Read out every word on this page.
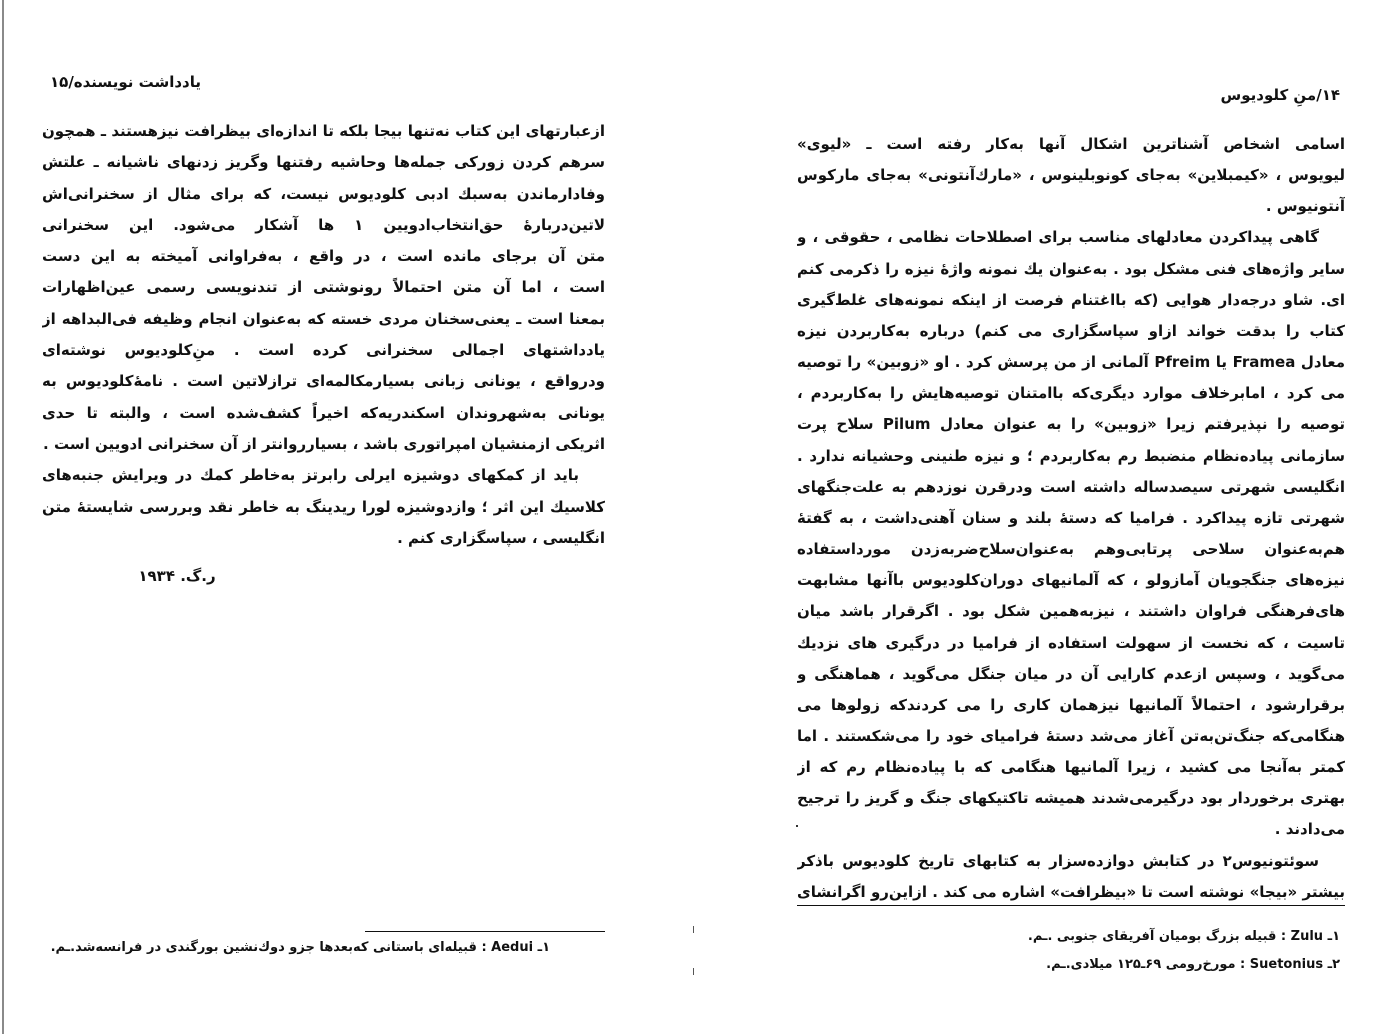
یادداشت نویسنده/۱۵
ازعبارتهای این کتاب نه‌تنها بیجا بلکه تا اندازه‌ای بیظرافت نیزهستند ـ همچون
سرهم کردن زورکی جمله‌ها وحاشیه رفتنها وگریز زدنهای ناشیانه ـ علتش
وفادارماندن به‌سبك ادبی کلودیوس نیست، که برای مثال از سخنرانی‌اش
لاتین‌دربارهٔ حق‌انتخاب‌ادویین ۱ ها آشکار می‌شود. این سخنرانی
متن آن برجای مانده است ، در واقع ، به‌فراوانی آمیخته به این دست
است ، اما آن متن احتمالاً رونوشتی از تندنویسی رسمی عین‌اظهارات
بمعنا است ـ یعنی‌سخنان مردی خسته که به‌عنوان انجام وظیفه فی‌البداهه از
یادداشتهای اجمالی سخنرانی کرده است . منِ‌کلودیوس نوشته‌ای
ودرواقع ، یونانی زبانی بسیارمکالمه‌ای ترازلاتین است . نامهٔ‌کلودیوس به
یونانی به‌شهروندان اسکندریه‌که اخیراً کشف‌شده است ، والبته تا حدی
اثریکی ازمنشیان امپراتوری باشد ، بسیارروانتر از آن سخنرانی ادویین است .
باید از کمکهای دوشیزه ایرلی رابرتز به‌خاطر کمك در ویرایش جنبه‌های
کلاسیك این اثر ؛ وازدوشیزه لورا ریدینگ به خاطر نقد وبررسی شایستهٔ متن
انگلیسی ، سپاسگزاری کنم .
ر.گ. ۱۹۳۴
۱ـ Aedui : قبیله‌ای باستانی که‌بعدها جزو دوك‌نشین بورگندی در فرانسه‌شد.ـم.
۱۴/منِ کلودیوس
اسامی اشخاص آشناترین اشکال آنها به‌کار رفته است ـ «لیوی»
لیویوس ، «کیمبلاین» به‌جای کونوبلینوس ، «مارك‌آنتونی» به‌جای مارکوس
آنتونیوس .
گاهی پیداکردن معادلهای مناسب برای اصطلاحات نظامی ، حقوقی ، و
سایر واژه‌های فنی مشکل بود . به‌عنوان یك نمونه واژهٔ نیزه را ذکرمی کنم
ای. شاو درجه‌دار هوایی (که بااغتنام فرصت از اینکه نمونه‌های غلط‌گیری
کتاب را بدقت خواند ازاو سپاسگزاری می کنم) درباره به‌کاربردن نیزه
معادل Framea یا Pfreim آلمانی از من پرسش کرد . او «زوبین» را توصیه
می کرد ، امابرخلاف موارد دیگری‌که باامتنان توصیه‌هایش را به‌کاربردم ،
توصیه را نپذیرفتم زیرا «زوبین» را به عنوان معادل Pilum سلاح پرت
سازمانی پیاده‌نظام منضبط رم به‌کاربردم ؛ و نیزه طنینی وحشیانه ندارد .
انگلیسی شهرتی سیصدساله داشته است ودرقرن نوزدهم به علت‌جنگهای
شهرتی تازه پیداکرد . فرامیا که دستهٔ بلند و سنان آهنی‌داشت ، به گفتهٔ
هم‌به‌عنوان سلاحی پرتابی‌وهم به‌عنوان‌سلاح‌ضربه‌زدن مورداستفاده
نیزه‌های جنگجویان آمازولو ، که آلمانیهای دوران‌کلودیوس باآنها مشابهت
های‌فرهنگی فراوان داشتند ، نیزبه‌همین شکل بود . اگرقرار باشد میان
تاسیت ، که نخست از سهولت استفاده از فرامیا در درگیری های نزدیك
می‌گوید ، وسپس ازعدم کارایی آن در میان جنگل می‌گوید ، هماهنگی و
برقرارشود ، احتمالاً آلمانیها نیزهمان کاری را می کردندکه زولوها می
هنگامی‌که جنگ‌تن‌به‌تن آغاز می‌شد دستهٔ فرامیای خود را می‌شکستند . اما
کمتر به‌آنجا می کشید ، زیرا آلمانیها هنگامی که با پیاده‌نظام رم که از
بهتری برخوردار بود درگیرمی‌شدند همیشه تاکتیکهای جنگ و گریز را ترجیح
می‌دادند .
سوئتونیوس۲ در کتابش دوازده‌سزار به کتابهای تاریخ کلودیوس باذکر
بیشتر «بیجا» نوشته است تا «بیظرافت» اشاره می کند . ازاین‌رو اگرانشای
۱ـ Zulu : قبیله بزرگ بومیان آفریقای جنوبی .ـم.
۲ـ Suetonius : مورخ‌رومی ۶۹ـ۱۲۵ میلادی.ـم.
